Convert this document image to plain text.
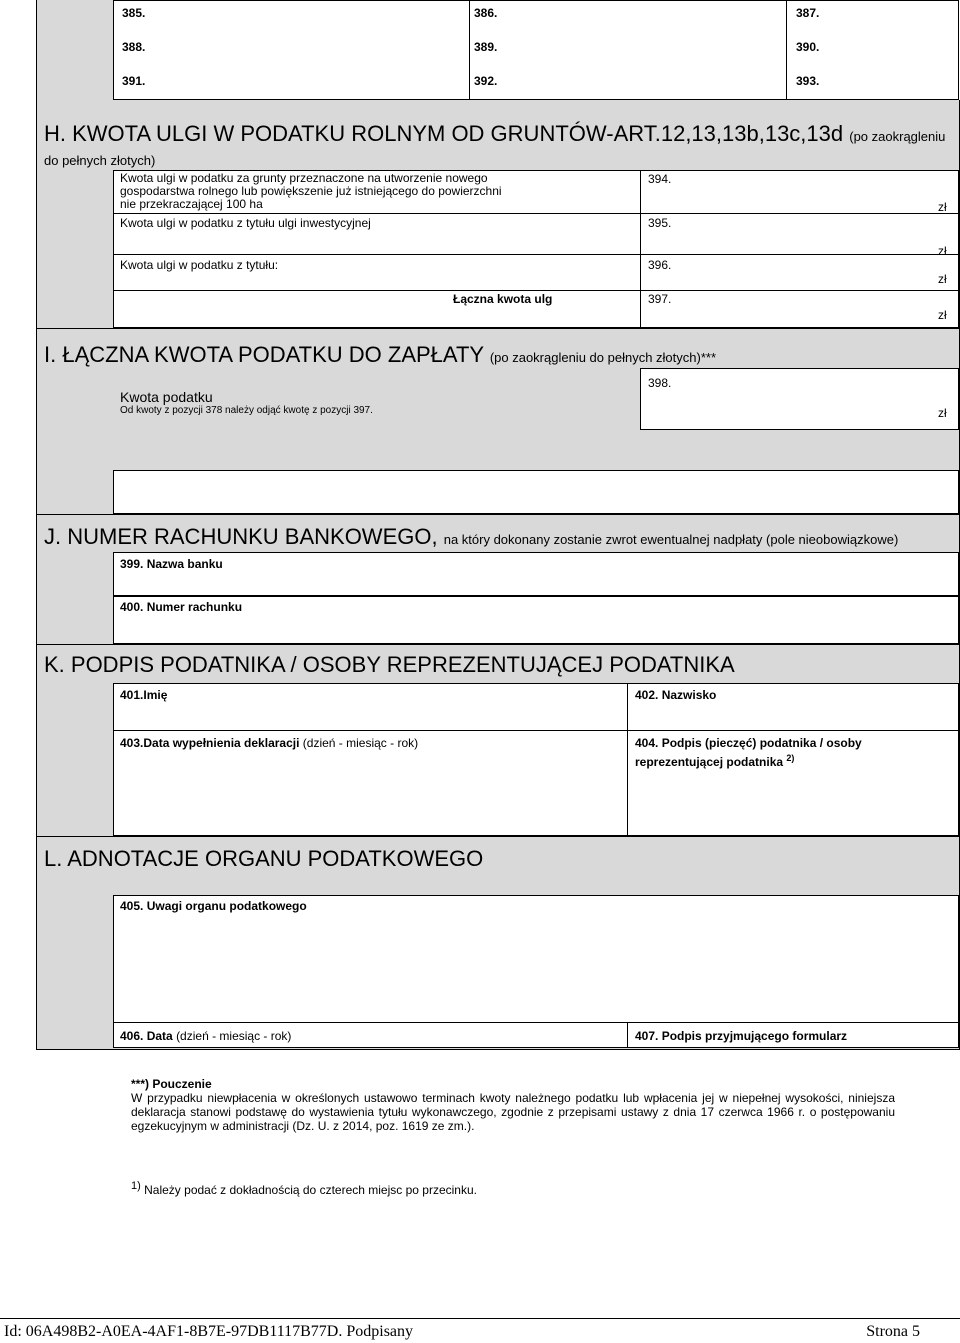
385.	386.	387.
388.	389.	390.
391.	392.	393.
H. KWOTA ULGI W PODATKU ROLNYM OD GRUNTÓW-ART.12,13,13b,13c,13d (po zaokrągleniu
do pełnych złotych)
Kwota ulgi w podatku za grunty przeznaczone na utworzenie nowego gospodarstwa rolnego lub powiększenie już istniejącego do powierzchni nie przekraczającej 100 ha
394.
zł
Kwota ulgi w podatku z tytułu ulgi inwestycyjnej	395.
zł
Kwota ulgi w podatku z tytułu:	396.
zł
Łączna kwota ulg	397.
zł
I. ŁĄCZNA KWOTA PODATKU DO ZAPŁATY (po zaokrągleniu do pełnych złotych)***
Kwota podatku
Od kwoty z pozycji 378 należy odjąć kwotę z pozycji 397.
398.
zł
J. NUMER RACHUNKU BANKOWEGO, na który dokonany zostanie zwrot ewentualnej nadpłaty (pole nieobowiązkowe)
399. Nazwa banku
400. Numer rachunku
K. PODPIS PODATNIKA / OSOBY REPREZENTUJĄCEJ PODATNIKA
401.Imię	402. Nazwisko
403.Data wypełnienia deklaracji (dzień - miesiąc - rok)	404. Podpis (pieczęć) podatnika / osoby
reprezentującej podatnika $^{2)}$
L. ADNOTACJE ORGANU PODATKOWEGO
405. Uwagi organu podatkowego
406. Data (dzień - miesiąc - rok)	407. Podpis przyjmującego formularz
***) Pouczenie
W przypadku niewpłacenia w określonych ustawowo terminach kwoty należnego podatku lub wpłacenia jej w niepełnej wysokości, niniejsza deklaracja stanowi podstawę do wystawienia tytułu wykonawczego, zgodnie z przepisami ustawy z dnia 17 czerwca 1966 r. o postępowaniu egzekucyjnym w administracji (Dz. U. z 2014, poz. 1619 ze zm.).
$^{1)}$ Należy podać z dokładnością do czterech miejsc po przecinku.
Id: 06A498B2-A0EA-4AF1-8B7E-97DB1117B77D. Podpisany	Strona 5
